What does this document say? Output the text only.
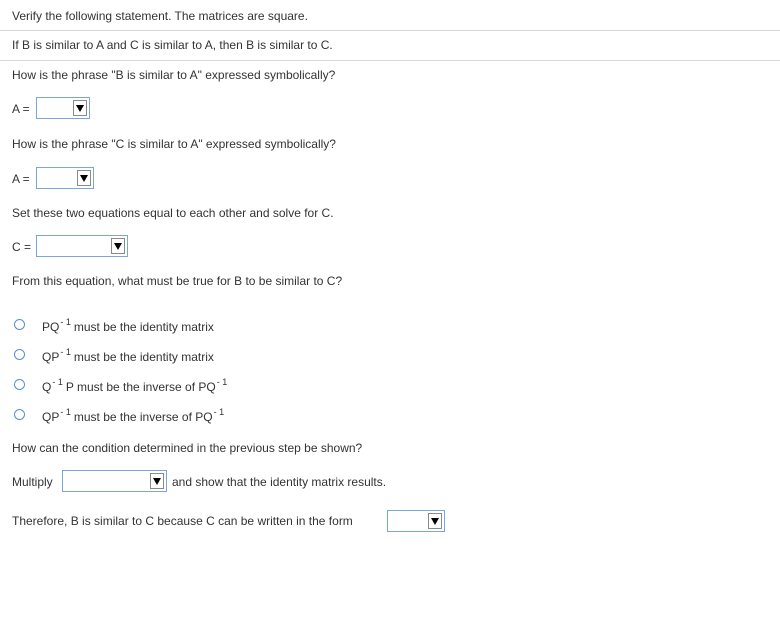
Verify the following statement. The matrices are square.
If B is similar to A and C is similar to A, then B is similar to C.
How is the phrase "B is similar to A" expressed symbolically?
A =
How is the phrase "C is similar to A" expressed symbolically?
A =
Set these two equations equal to each other and solve for C.
C =
From this equation, what must be true for B to be similar to C?
$PQ^{- 1}$ must be the identity matrix
$QP^{- 1}$ must be the identity matrix
$Q^{- 1}$ P must be the inverse of $PQ^{- 1}$
$QP^{- 1}$ must be the inverse of $PQ^{- 1}$
How can the condition determined in the previous step be shown?
Multiply	and show that the identity matrix results.
Therefore, B is similar to C because C can be written in the form
